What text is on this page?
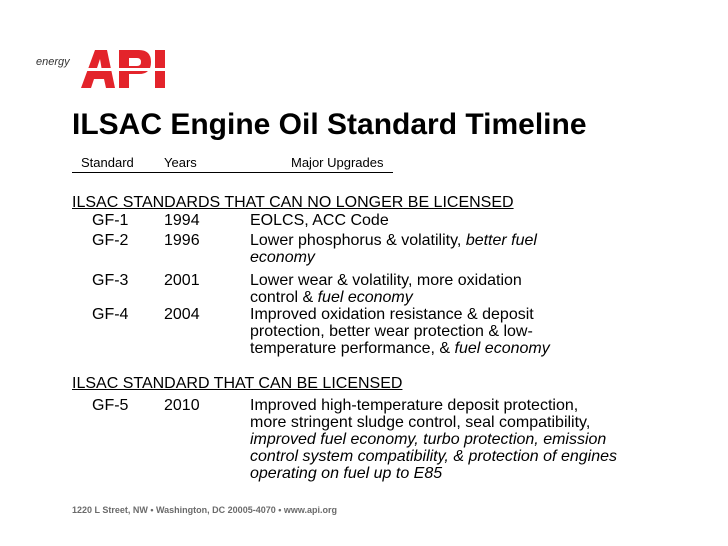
energy
ILSAC Engine Oil Standard Timeline
Standard Years	Major Upgrades
ILSAC STANDARDS THAT CAN NO LONGER BE LICENSED
GF-1 1994	EOLCS, ACC Code
GF-2 1996	Lower phosphorus & volatility, better fuel
economy
GF-3 2001	Lower wear & volatility, more oxidation
control & fuel economy
GF-4 2004	Improved oxidation resistance & deposit
protection, better wear protection & low-
temperature performance, & fuel economy
ILSAC STANDARD THAT CAN BE LICENSED
GF-5 2010	Improved high-temperature deposit protection,
more stringent sludge control, seal compatibility,
improved fuel economy, turbo protection, emission
control system compatibility, & protection of engines
operating on fuel up to E85
1220 L Street, NW • Washington, DC 20005-4070 • www.api.org
